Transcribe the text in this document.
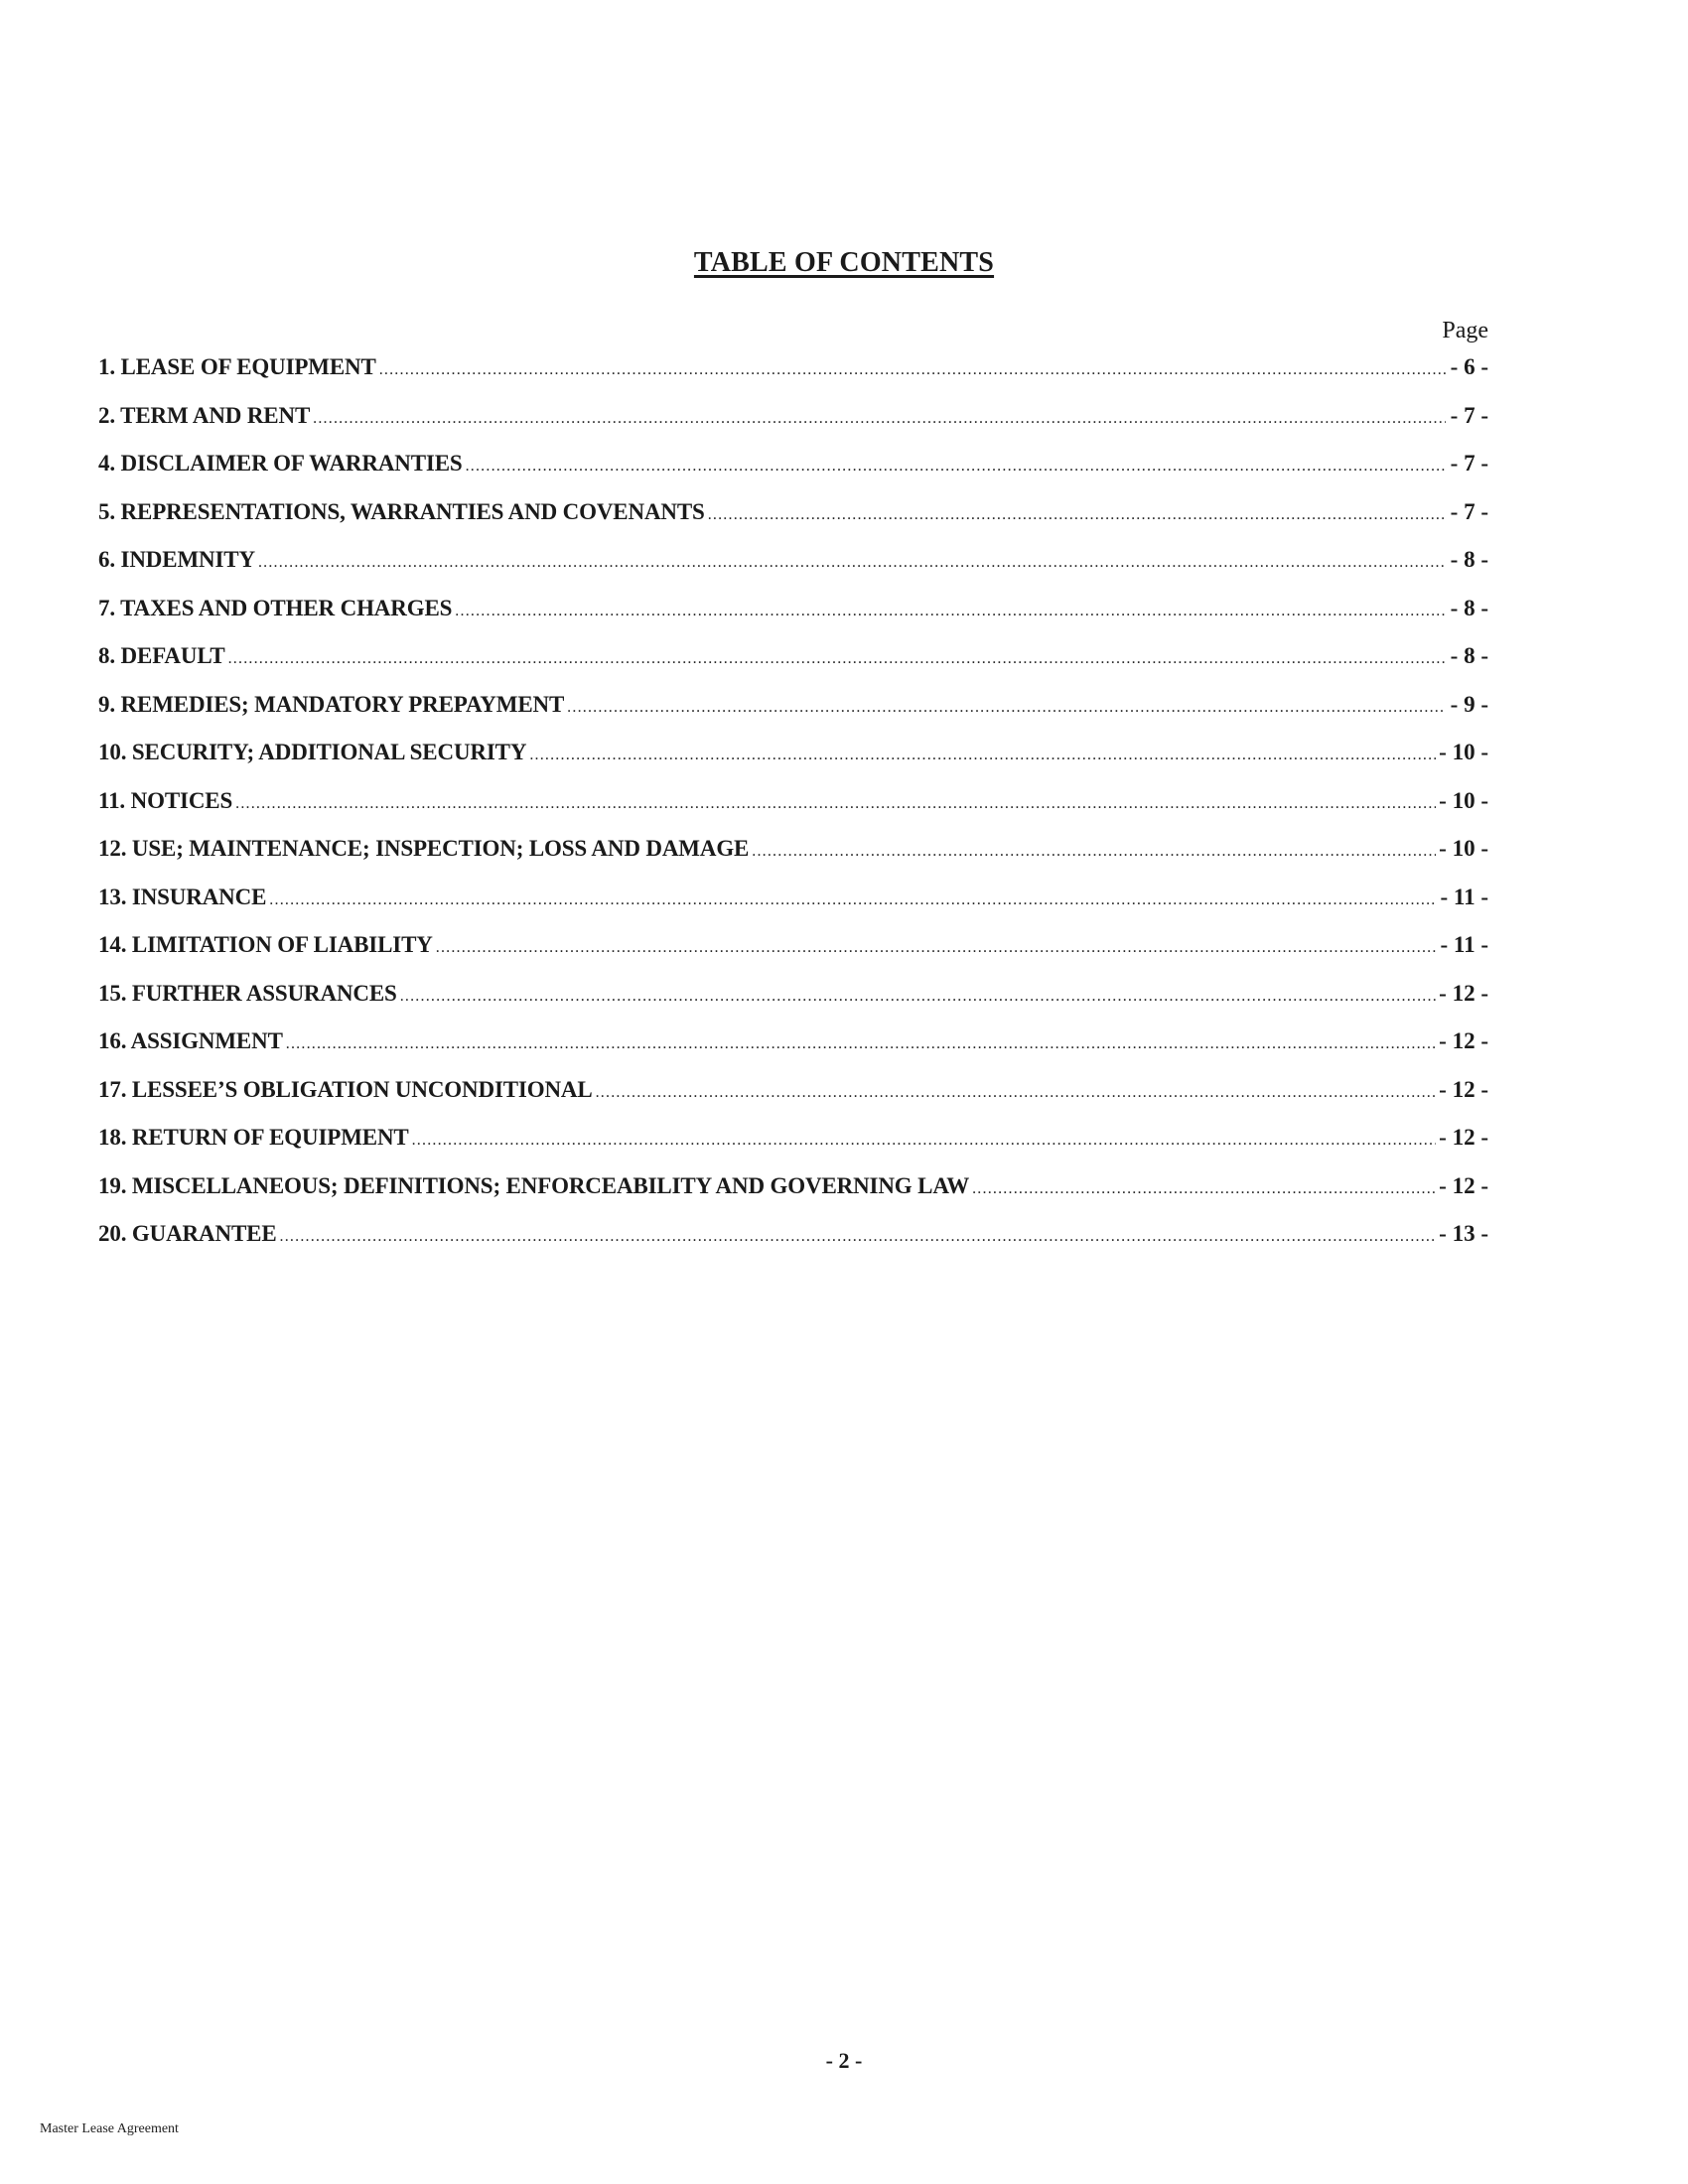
TABLE OF CONTENTS
Page
1. LEASE OF EQUIPMENT .....	- 6 -
2. TERM AND RENT .....	- 7 -
4. DISCLAIMER OF WARRANTIES .....	- 7 -
5. REPRESENTATIONS, WARRANTIES AND COVENANTS .....	- 7 -
6. INDEMNITY .....	- 8 -
7. TAXES AND OTHER CHARGES .....	- 8 -
8. DEFAULT .....	- 8 -
9. REMEDIES; MANDATORY PREPAYMENT .....	- 9 -
10. SECURITY; ADDITIONAL SECURITY .....	- 10 -
11. NOTICES .....	- 10 -
12. USE; MAINTENANCE; INSPECTION; LOSS AND DAMAGE .....	- 10 -
13. INSURANCE .....	- 11 -
14. LIMITATION OF LIABILITY .....	- 11 -
15. FURTHER ASSURANCES .....	- 12 -
16. ASSIGNMENT .....	- 12 -
17. LESSEE’S OBLIGATION UNCONDITIONAL .....	- 12 -
18. RETURN OF EQUIPMENT .....	- 12 -
19. MISCELLANEOUS; DEFINITIONS; ENFORCEABILITY AND GOVERNING LAW .....	- 12 -
20. GUARANTEE .....	- 13 -
- 2 -
Master Lease Agreement
